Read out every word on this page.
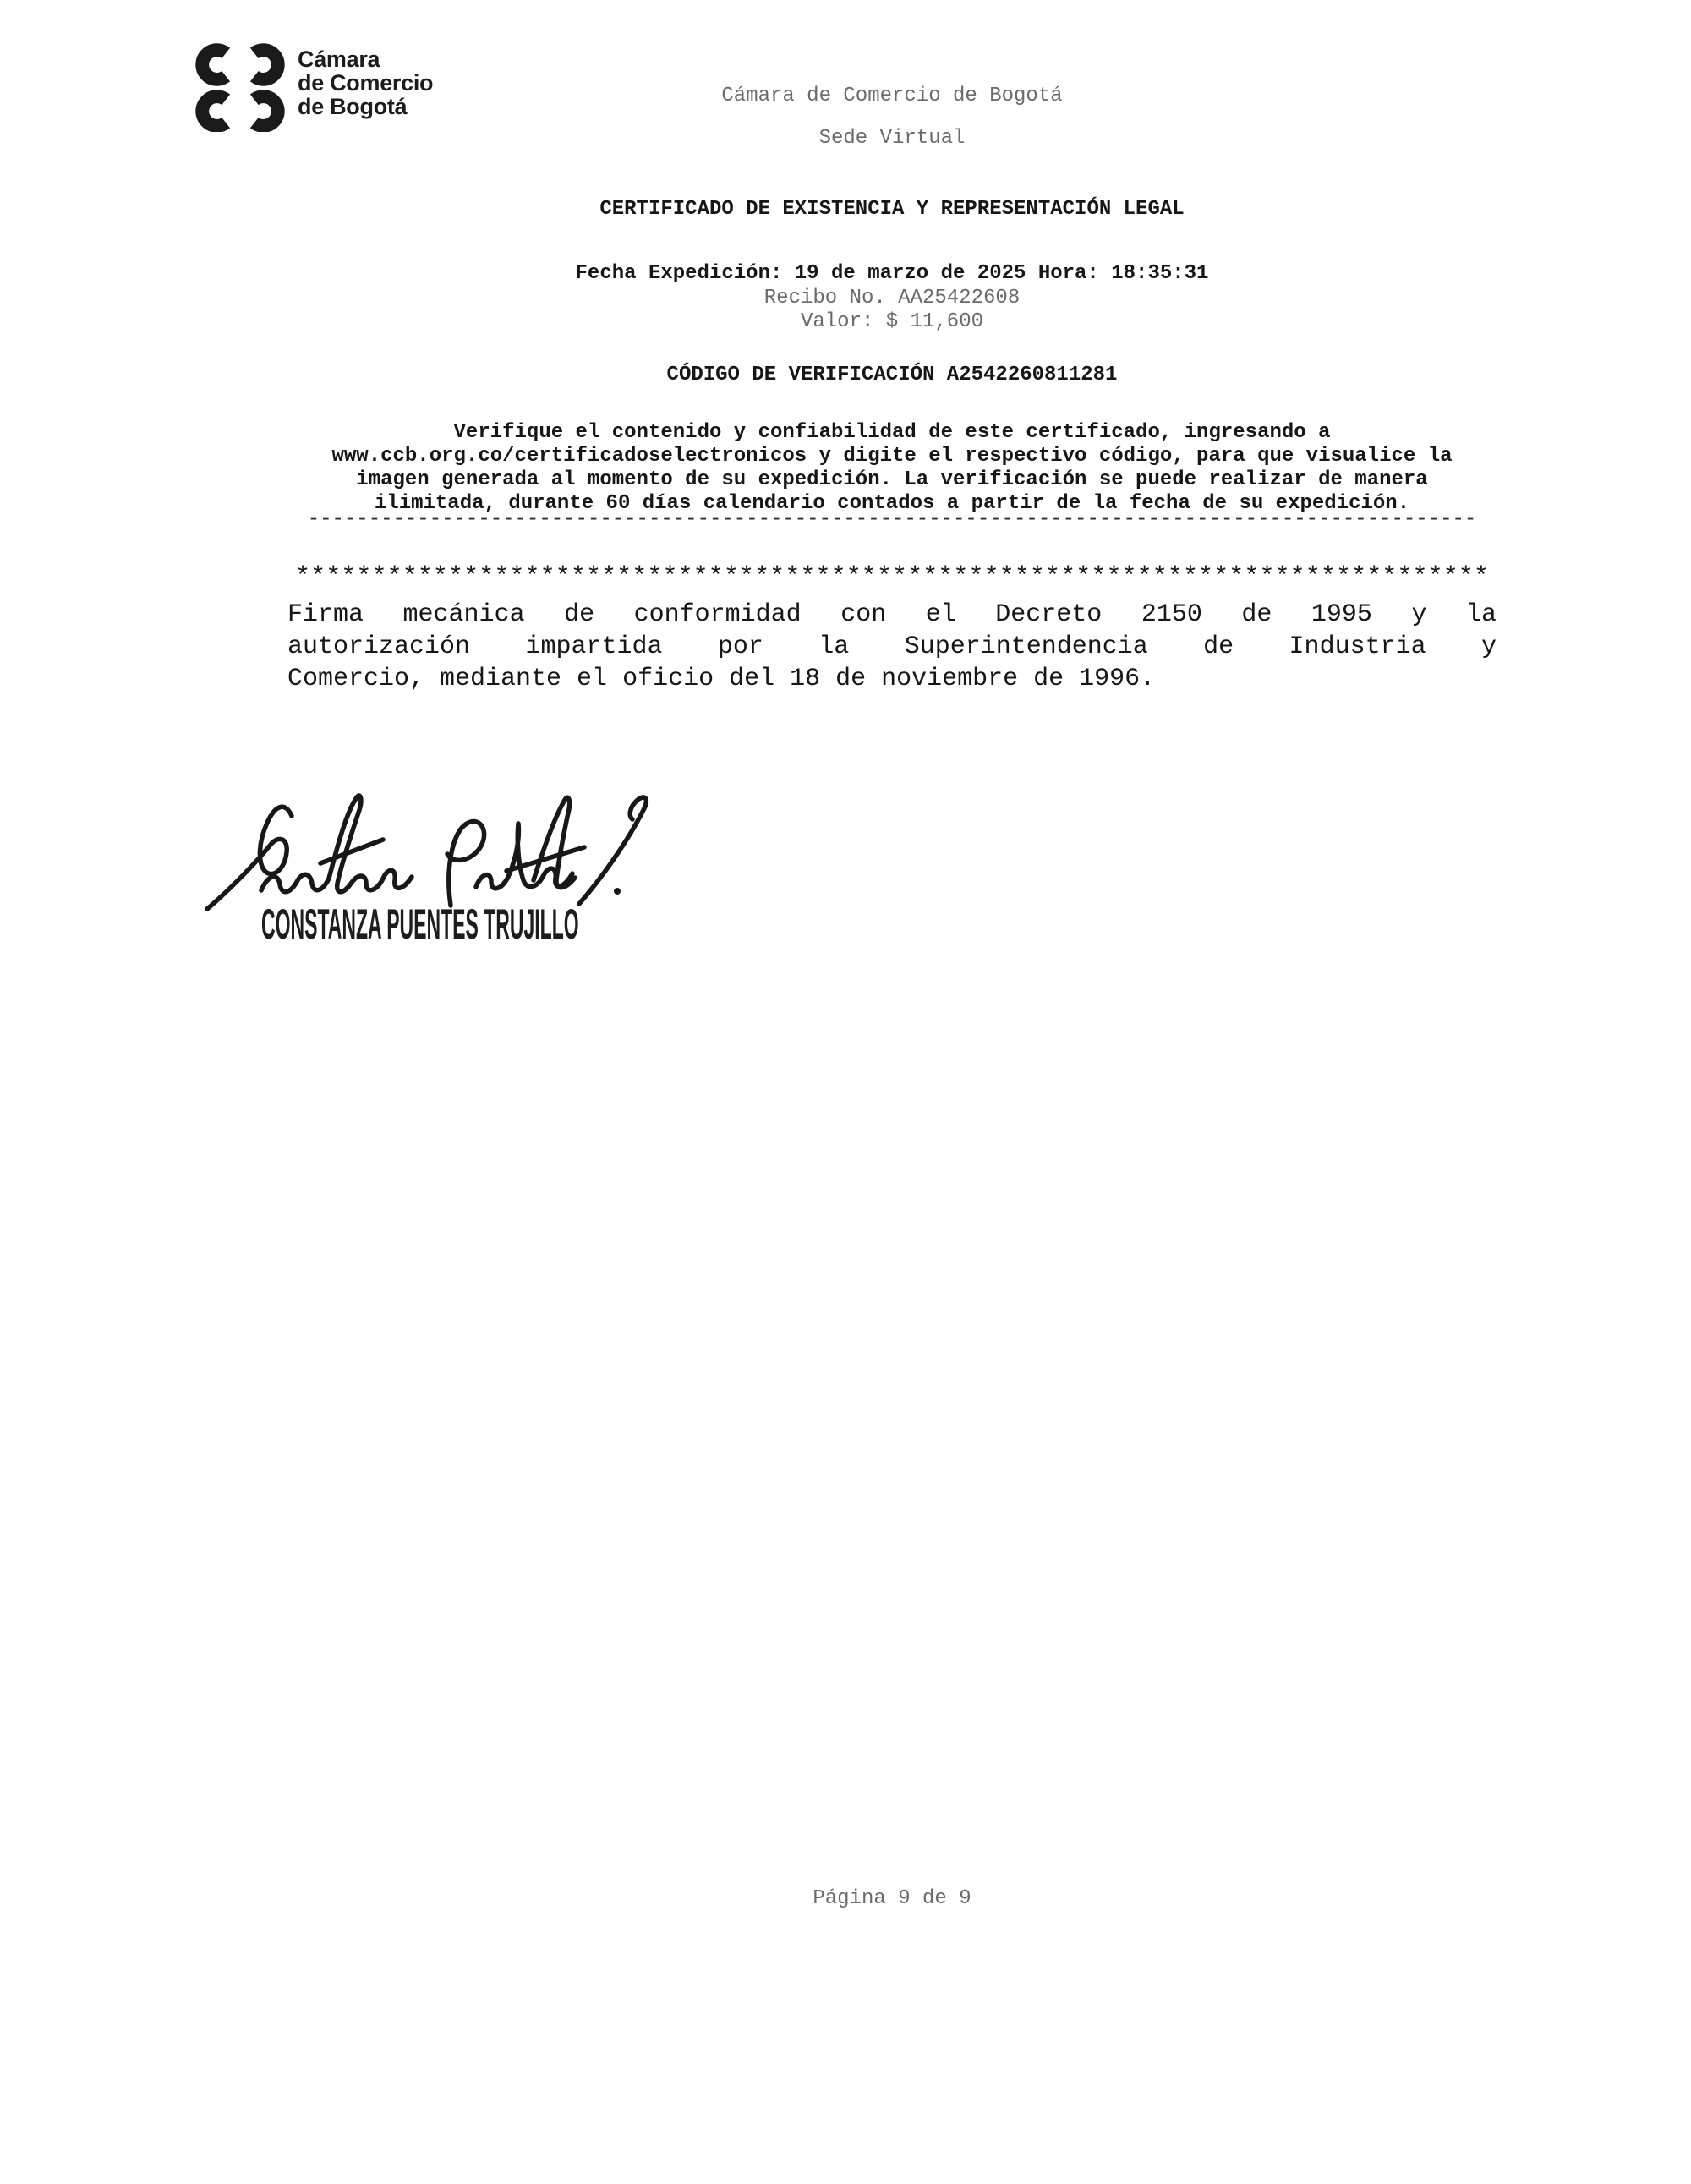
Cámara
de Comercio
de Bogotá	Cámara de Comercio de Bogotá
Sede Virtual
CERTIFICADO DE EXISTENCIA Y REPRESENTACIÓN LEGAL
Fecha Expedición: 19 de marzo de 2025 Hora: 18:35:31
Recibo No. AA25422608
Valor: $ 11,600
CÓDIGO DE VERIFICACIÓN A2542260811281
Verifique el contenido y confiabilidad de este certificado, ingresando a
www.ccb.org.co/certificadoselectronicos y digite el respectivo código, para que visualice la
imagen generada al momento de su expedición. La verificación se puede realizar de manera
ilimitada, durante 60 días calendario contados a partir de la fecha de su expedición.
------------------------------------------------------------------------------------------------
******************************************************************************
Firma mecánica de conformidad con el Decreto 2150 de 1995 y la
autorización impartida por la Superintendencia de Industria y
Comercio, mediante el oficio del 18 de noviembre de 1996.
CONSTANZA PUENTES TRUJILLO
Página 9 de 9
